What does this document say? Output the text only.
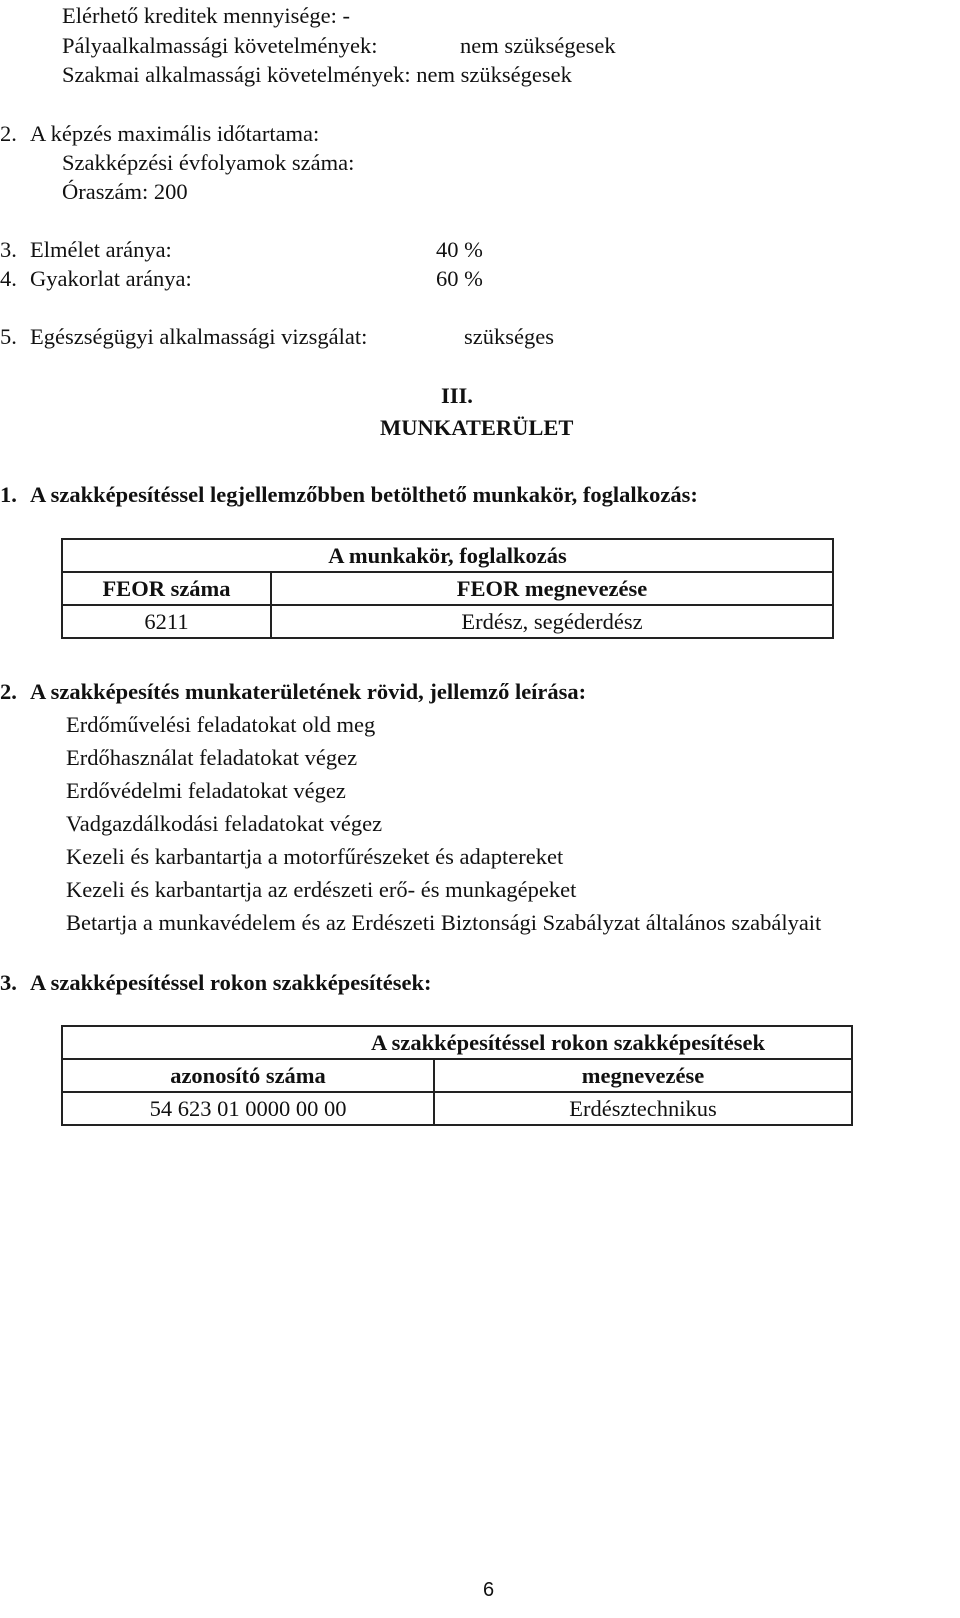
Elérhető kreditek mennyisége: -
Pályaalkalmassági követelmények:	nem szükségesek
Szakmai alkalmassági követelmények: nem szükségesek
2. A képzés maximális időtartama:
Szakképzési évfolyamok száma:
Óraszám: 200
3. Elmélet aránya:	40 %
4. Gyakorlat aránya:	60 %
5. Egészségügyi alkalmassági vizsgálat:	szükséges
III.
MUNKATERÜLET
1. A szakképesítéssel legjellemzőbben betölthető munkakör, foglalkozás:
A munkakör, foglalkozás	
FEOR száma	FEOR megnevezése
6211	Erdész, segéderdész
2. A szakképesítés munkaterületének rövid, jellemző leírása:
Erdőművelési feladatokat old meg
Erdőhasználat feladatokat végez
Erdővédelmi feladatokat végez
Vadgazdálkodási feladatokat végez
Kezeli és karbantartja a motorfűrészeket és adaptereket
Kezeli és karbantartja az erdészeti erő- és munkagépeket
Betartja a munkavédelem és az Erdészeti Biztonsági Szabályzat általános szabályait
3. A szakképesítéssel rokon szakképesítések:
A szakképesítéssel rokon szakképesítések	
azonosító száma	megnevezése
54 623 01 0000 00 00	Erdésztechnikus
6
